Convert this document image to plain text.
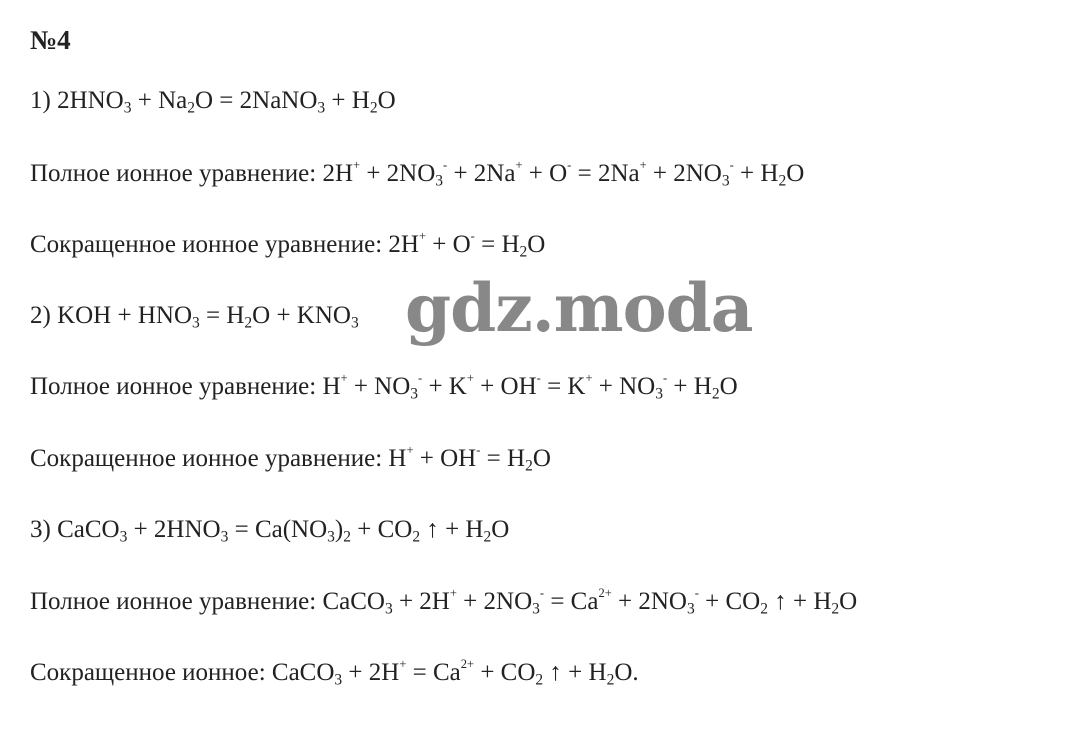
№4

1) $2HNO_3 + Na_2O$ = 2NaNO$_3$ + $H_2O$

Полное ионное уравнение: $2H^+ + 2NO_3^- + 2Na^+ + O^- = 2Na^+ + 2NO_3^- + H_2O$

Сокращенное ионное уравнение: $2H^+ + O^- = H_2O$

2) KOH + $HNO_3 = H_2O + KNO_3$

Полное ионное уравнение: $H^+ + NO_3^- + K^+ + OH^- = K^+ + NO_3^- + H_2O$

Сокращенное ионное уравнение: $H^+ + OH^- = H_2O$

3) CaCO$_3$ + $2HNO_3 = Ca(NO_3)_2 + CO_2$ ↑ + $H_2O$

Полное ионное уравнение: CaCO$_3$ + $2H^+ + 2NO_3^- = Ca^{2+} + 2NO_3^- + CO_2$ ↑ + $H_2O$

Сокращенное ионное: CaCO$_3$ + $2H^+ = Ca^{2+} + CO_2$ ↑ + $H_2O$.

gdz.moda
